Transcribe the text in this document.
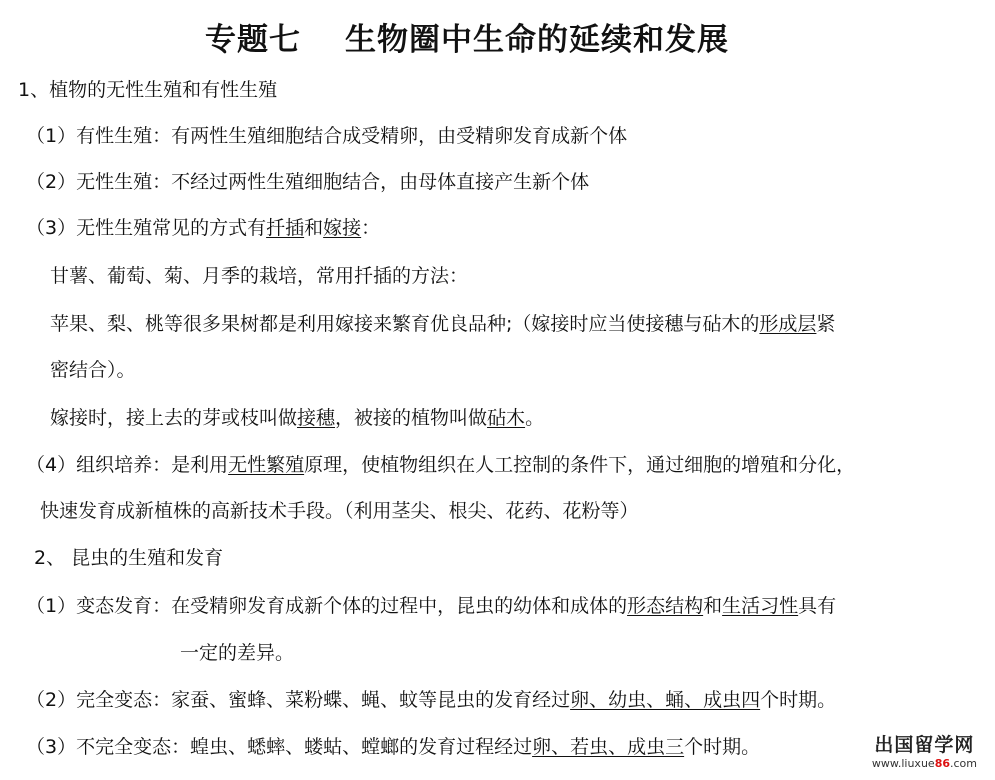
专题七 生物圈中生命的延续和发展
1、植物的无性生殖和有性生殖
（1）有性生殖：有两性生殖细胞结合成受精卵，由受精卵发育成新个体
（2）无性生殖：不经过两性生殖细胞结合，由母体直接产生新个体
（3）无性生殖常见的方式有扦插和嫁接：
甘薯、葡萄、菊、月季的栽培，常用扦插的方法：
苹果、梨、桃等很多果树都是利用嫁接来繁育优良品种;（嫁接时应当使接穗与砧木的形成层紧
密结合）。
嫁接时，接上去的芽或枝叫做接穗，被接的植物叫做砧木。
（4）组织培养：是利用无性繁殖原理，使植物组织在人工控制的条件下，通过细胞的增殖和分化，
快速发育成新植株的高新技术手段。（利用茎尖、根尖、花药、花粉等）
2、 昆虫的生殖和发育
（1）变态发育：在受精卵发育成新个体的过程中，昆虫的幼体和成体的形态结构和生活习性具有
一定的差异。
（2）完全变态：家蚕、蜜蜂、菜粉蝶、蝇、蚊等昆虫的发育经过卵、幼虫、蛹、成虫四个时期。
（3）不完全变态：蝗虫、蟋蟀、蝼蛄、螳螂的发育过程经过卵、若虫、成虫三个时期。	出国留学网
www.liuxue86.com
